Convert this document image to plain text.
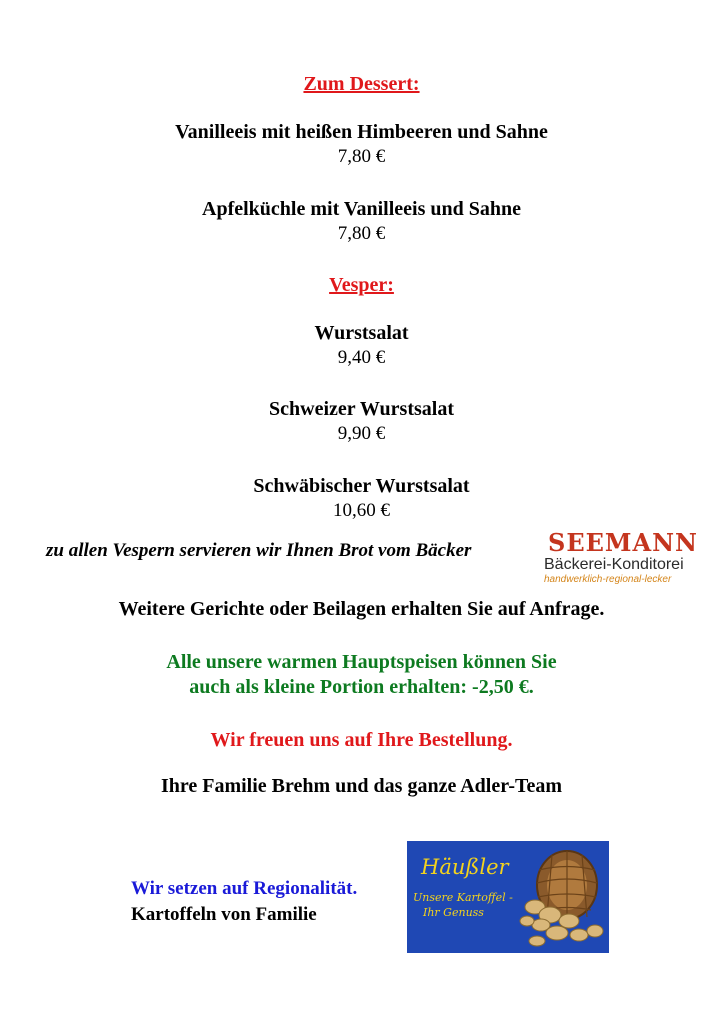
Zum Dessert:
Vanilleeis mit heißen Himbeeren und Sahne
7,80 €
Apfelküchle mit Vanilleeis und Sahne
7,80 €
Vesper:
Wurstsalat
9,40 €
Schweizer Wurstsalat
9,90 €
Schwäbischer Wurstsalat
10,60 €
zu allen Vespern servieren wir Ihnen Brot vom Bäcker	SEEMANN
Bäckerei-Konditorei
handwerklich-regional-lecker
Weitere Gerichte oder Beilagen erhalten Sie auf Anfrage.
Alle unsere warmen Hauptspeisen können Sie
auch als kleine Portion erhalten: -2,50 €.
Wir freuen uns auf Ihre Bestellung.
Ihre Familie Brehm und das ganze Adler-Team
Wir setzen auf Regionalität.
Kartoffeln von Familie
Häußler
Unsere Kartoffel -
Ihr Genuss
